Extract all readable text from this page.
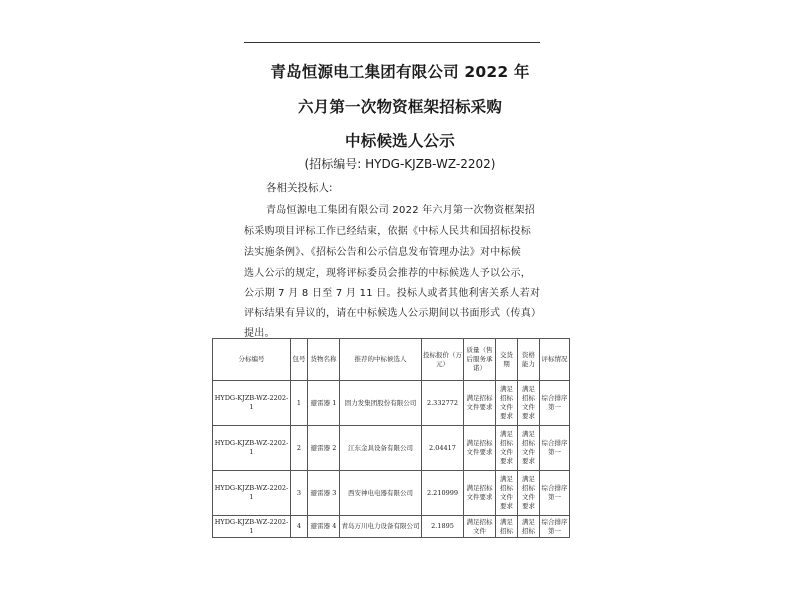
青岛恒源电工集团有限公司 2022 年
六月第一次物资框架招标采购
中标候选人公示
(招标编号: HYDG-KJZB-WZ-2202)
各相关投标人:
青岛恒源电工集团有限公司 2022 年六月第一次物资框架招
标采购项目评标工作已经结束，依据《中标人民共和国招标投标
法实施条例》、《招标公告和公示信息发布管理办法》对中标候
选人公示的规定，现将评标委员会推荐的中标候选人予以公示，
公示期 7 月 8 日至 7 月 11 日。投标人或者其他利害关系人若对
评标结果有异议的，请在中标候选人公示期间以书面形式（传真）
提出。
分标编号	包号	货物名称	推荐的中标候选人	投标报价（万元）	质量（售后服务承诺）	交货期	资格能力	评标情况
HYDG-KJZB-WZ-2202-1	1	避雷器 1	固力发集团股份有限公司	2.332772	满足招标文件要求	满足招标文件要求	满足招标文件要求	综合排序第一
HYDG-KJZB-WZ-2202-1	2	避雷器 2	江东金具设备有限公司	2.04417	满足招标文件要求	满足招标文件要求	满足招标文件要求	综合排序第一
HYDG-KJZB-WZ-2202-1	3	避雷器 3	西安神电电器有限公司	2.210999	满足招标文件要求	满足招标文件要求	满足招标文件要求	综合排序第一
HYDG-KJZB-WZ-2202-1	4	避雷器 4	青岛万川电力设备有限公司	2.1895	满足招标文件	满足招标	满足招标	综合排序第一
